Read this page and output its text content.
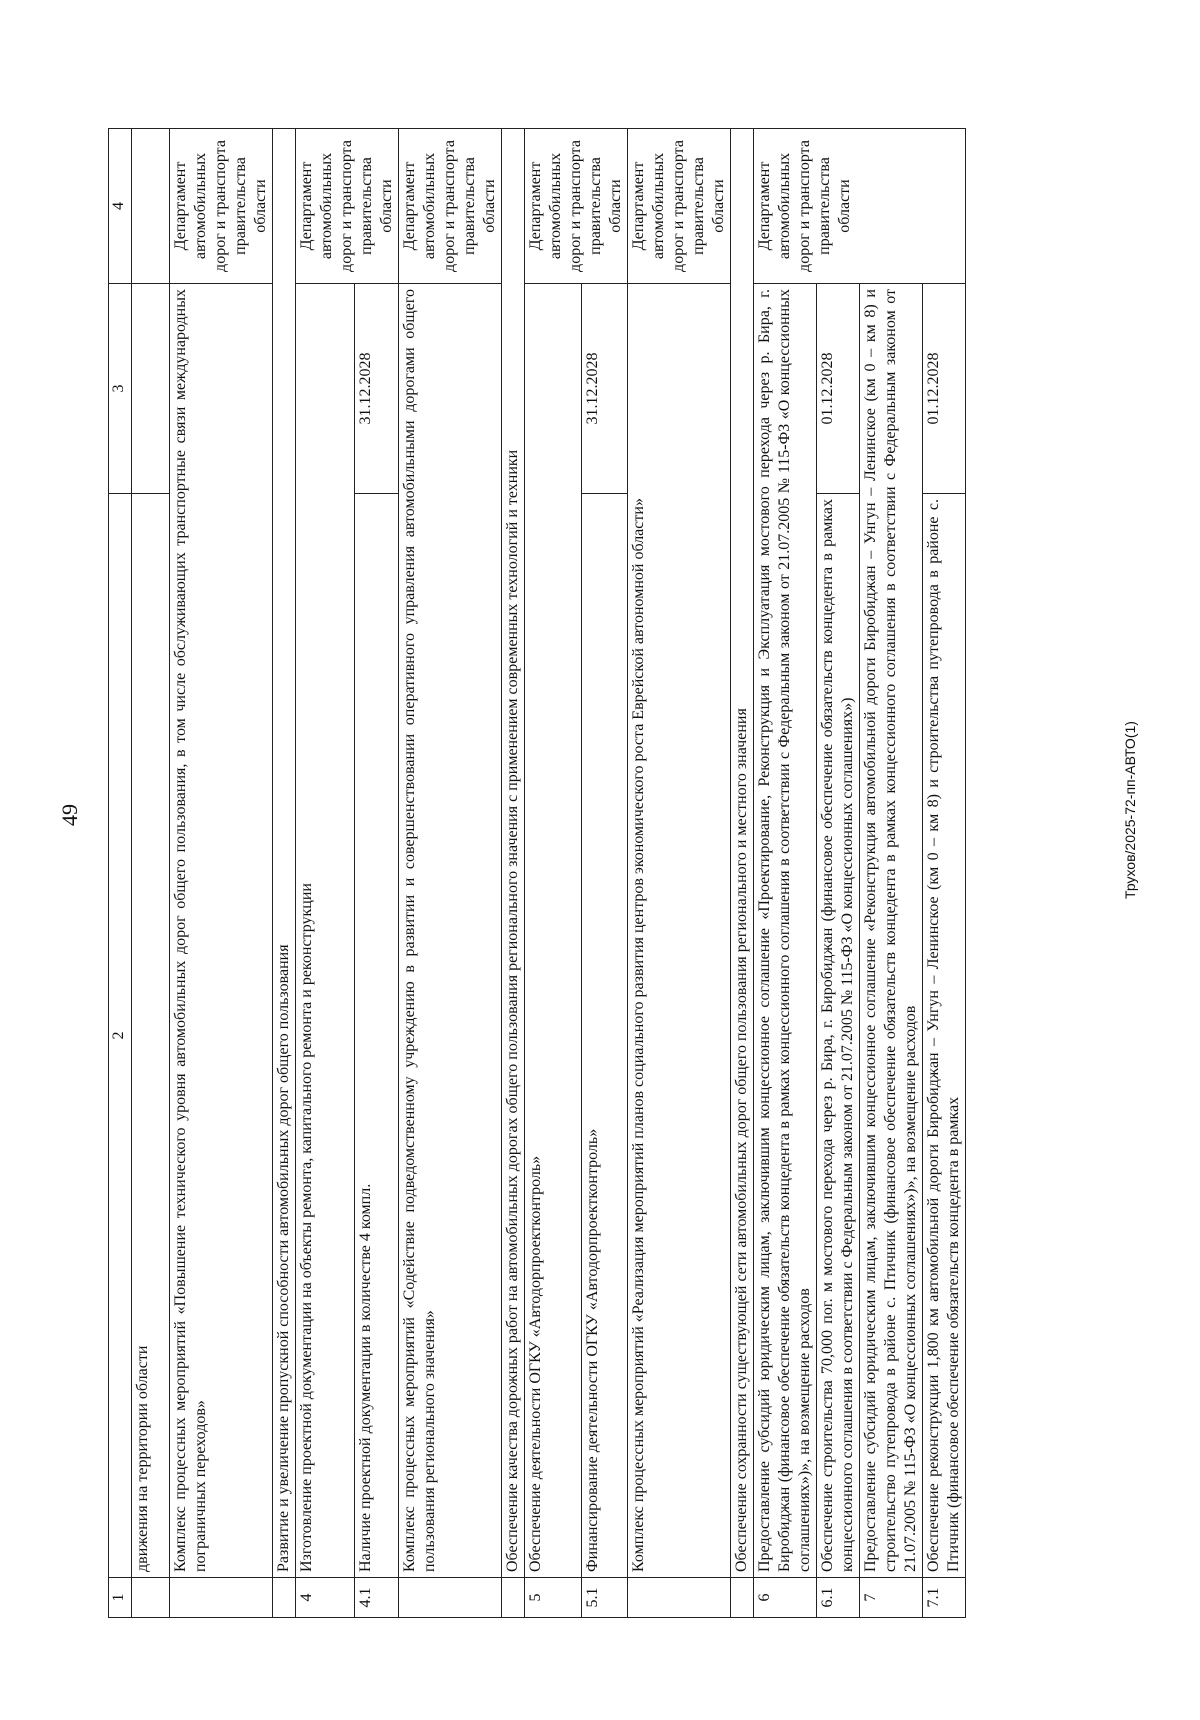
49	Трухов/2025-72-пп-АВТО(1)
1	2	3	4
	движения на территории области		
	Комплекс процессных мероприятий «Повышение технического уровня автомобильных дорог общего пользования, в том числе обслуживающих транспортные связи международных пограничных переходов»		Департамент автомобильных дорог и транспорта правительства области
	Развитие и увеличение пропускной способности автомобильных дорог общего пользования		
4	Изготовление проектной документации на объекты ремонта, капитального ремонта и реконструкции		Департамент автомобильных дорог и транспорта правительства области
4.1	Наличие проектной документации в количестве 4 компл.	31.12.2028	
	Комплекс процессных мероприятий «Содействие подведомственному учреждению в развитии и совершенствовании оперативного управления автомобильными дорогами общего пользования регионального значения»		Департамент автомобильных дорог и транспорта правительства области
	Обеспечение качества дорожных работ на автомобильных дорогах общего пользования регионального значения с применением современных технологий и техники		
5	Обеспечение деятельности ОГКУ «Автодорпроектконтроль»		Департамент автомобильных дорог и транспорта правительства области
5.1	Финансирование деятельности ОГКУ «Автодорпроектконтроль»	31.12.2028	
	Комплекс процессных мероприятий «Реализация мероприятий планов социального развития центров экономического роста Еврейской автономной области»		Департамент автомобильных дорог и транспорта правительства области
	Обеспечение сохранности существующей сети автомобильных дорог общего пользования регионального и местного значения		
6	Предоставление субсидий юридическим лицам, заключившим концессионное соглашение «Проектирование, Реконструкция и Эксплуатация мостового перехода через р. Бира, г. Биробиджан (финансовое обеспечение обязательств концедента в рамках концессионного соглашения в соответствии с Федеральным законом от 21.07.2005 № 115-ФЗ «О концессионных соглашениях»)», на возмещение расходов		Департамент автомобильных дорог и транспорта правительства области
6.1	Обеспечение строительства 70,000 пог. м мостового перехода через р. Бира, г. Биробиджан (финансовое обеспечение обязательств концедента в рамках концессионного соглашения в соответствии с Федеральным законом от 21.07.2005 № 115-ФЗ «О концессионных соглашениях»)	01.12.2028	
7	Предоставление субсидий юридическим лицам, заключившим концессионное соглашение «Реконструкция автомобильной дороги Биробиджан – Унгун – Ленинское (км 0 – км 8) и строительство путепровода в районе с. Птичник (финансовое обеспечение обязательств концедента в рамках концессионного соглашения в соответствии с Федеральным законом от 21.07.2005 № 115-ФЗ «О концессионных соглашениях»)», на возмещение расходов		
7.1	Обеспечение реконструкции 1,800 км автомобильной дороги Биробиджан – Унгун – Ленинское (км 0 – км 8) и строительства путепровода в районе с. Птичник (финансовое обеспечение обязательств концедента в рамках	01.12.2028	
